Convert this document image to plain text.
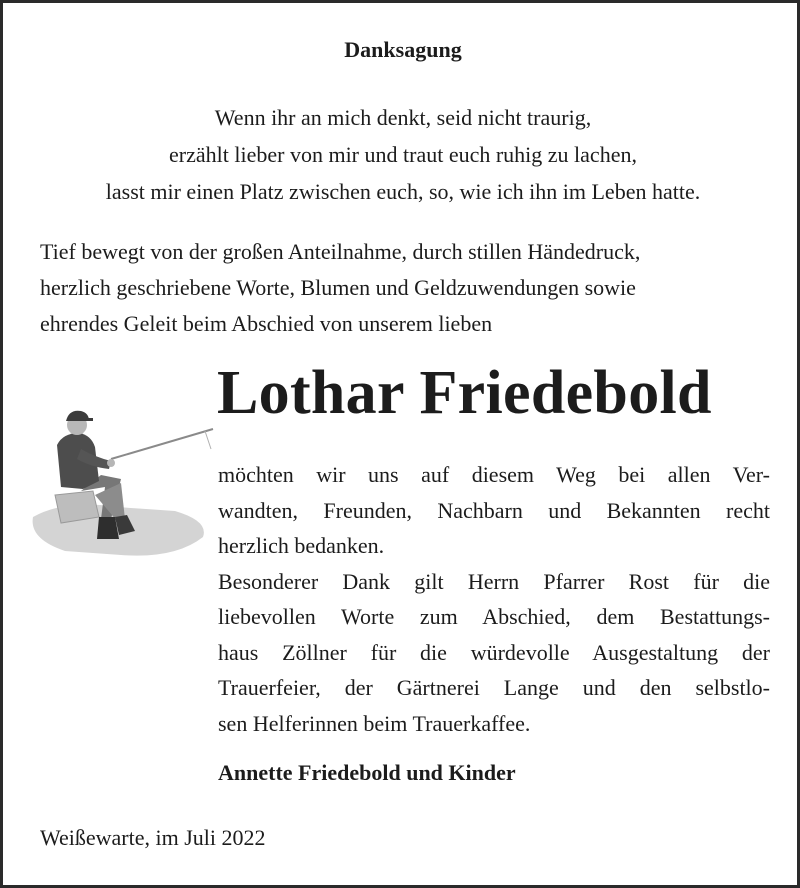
Danksagung
Wenn ihr an mich denkt, seid nicht traurig,
erzählt lieber von mir und traut euch ruhig zu lachen,
lasst mir einen Platz zwischen euch, so, wie ich ihn im Leben hatte.
Tief bewegt von der großen Anteilnahme, durch stillen Händedruck,
herzlich geschriebene Worte, Blumen und Geldzuwendungen sowie
ehrendes Geleit beim Abschied von unserem lieben
Lothar Friedebold
möchten wir uns auf diesem Weg bei allen Ver-
wandten, Freunden, Nachbarn und Bekannten recht
herzlich bedanken.
Besonderer Dank gilt Herrn Pfarrer Rost für die
liebevollen Worte zum Abschied, dem Bestattungs-
haus Zöllner für die würdevolle Ausgestaltung der
Trauerfeier, der Gärtnerei Lange und den selbstlo-
sen Helferinnen beim Trauerkaffee.
Annette Friedebold und Kinder
Weißewarte, im Juli 2022
